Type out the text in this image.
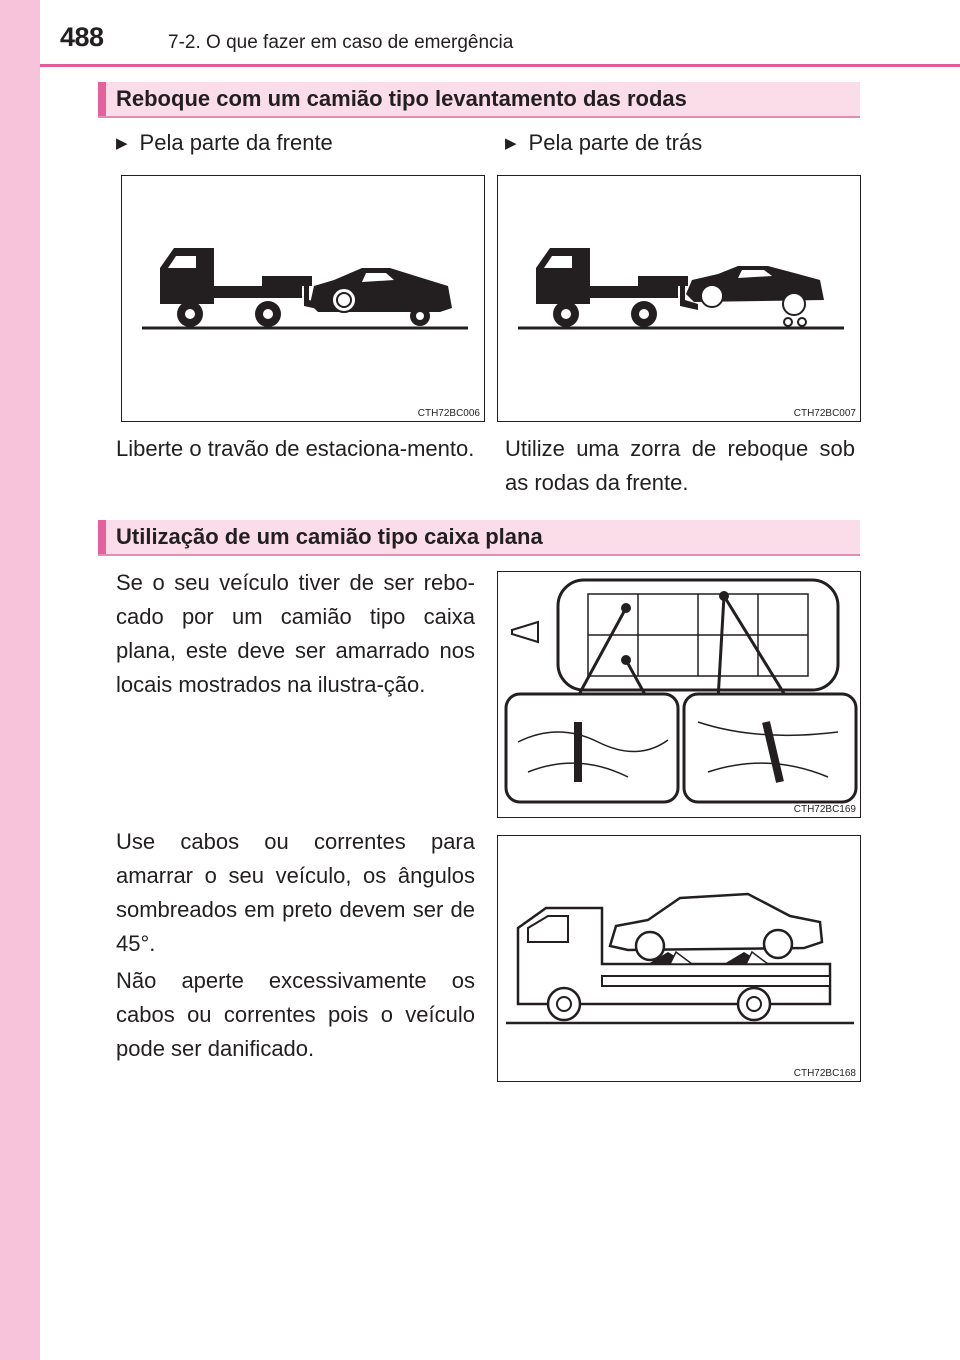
488	7-2. O que fazer em caso de emergência
Reboque com um camião tipo levantamento das rodas
▶ Pela parte da frente	▶ Pela parte de trás
CTH72BC006	CTH72BC007
Liberte o travão de estaciona-mento. Utilize uma zorra de reboque sob as rodas da frente.
Utilização de um camião tipo caixa plana
Se o seu veículo tiver de ser rebo-cado por um camião tipo caixa plana, este deve ser amarrado nos locais mostrados na ilustra-ção.
CTH72BC169
Use cabos ou correntes para amarrar o seu veículo, os ângulos sombreados em preto devem ser de 45°.
Não aperte excessivamente os cabos ou correntes pois o veículo pode ser danificado.
CTH72BC168
